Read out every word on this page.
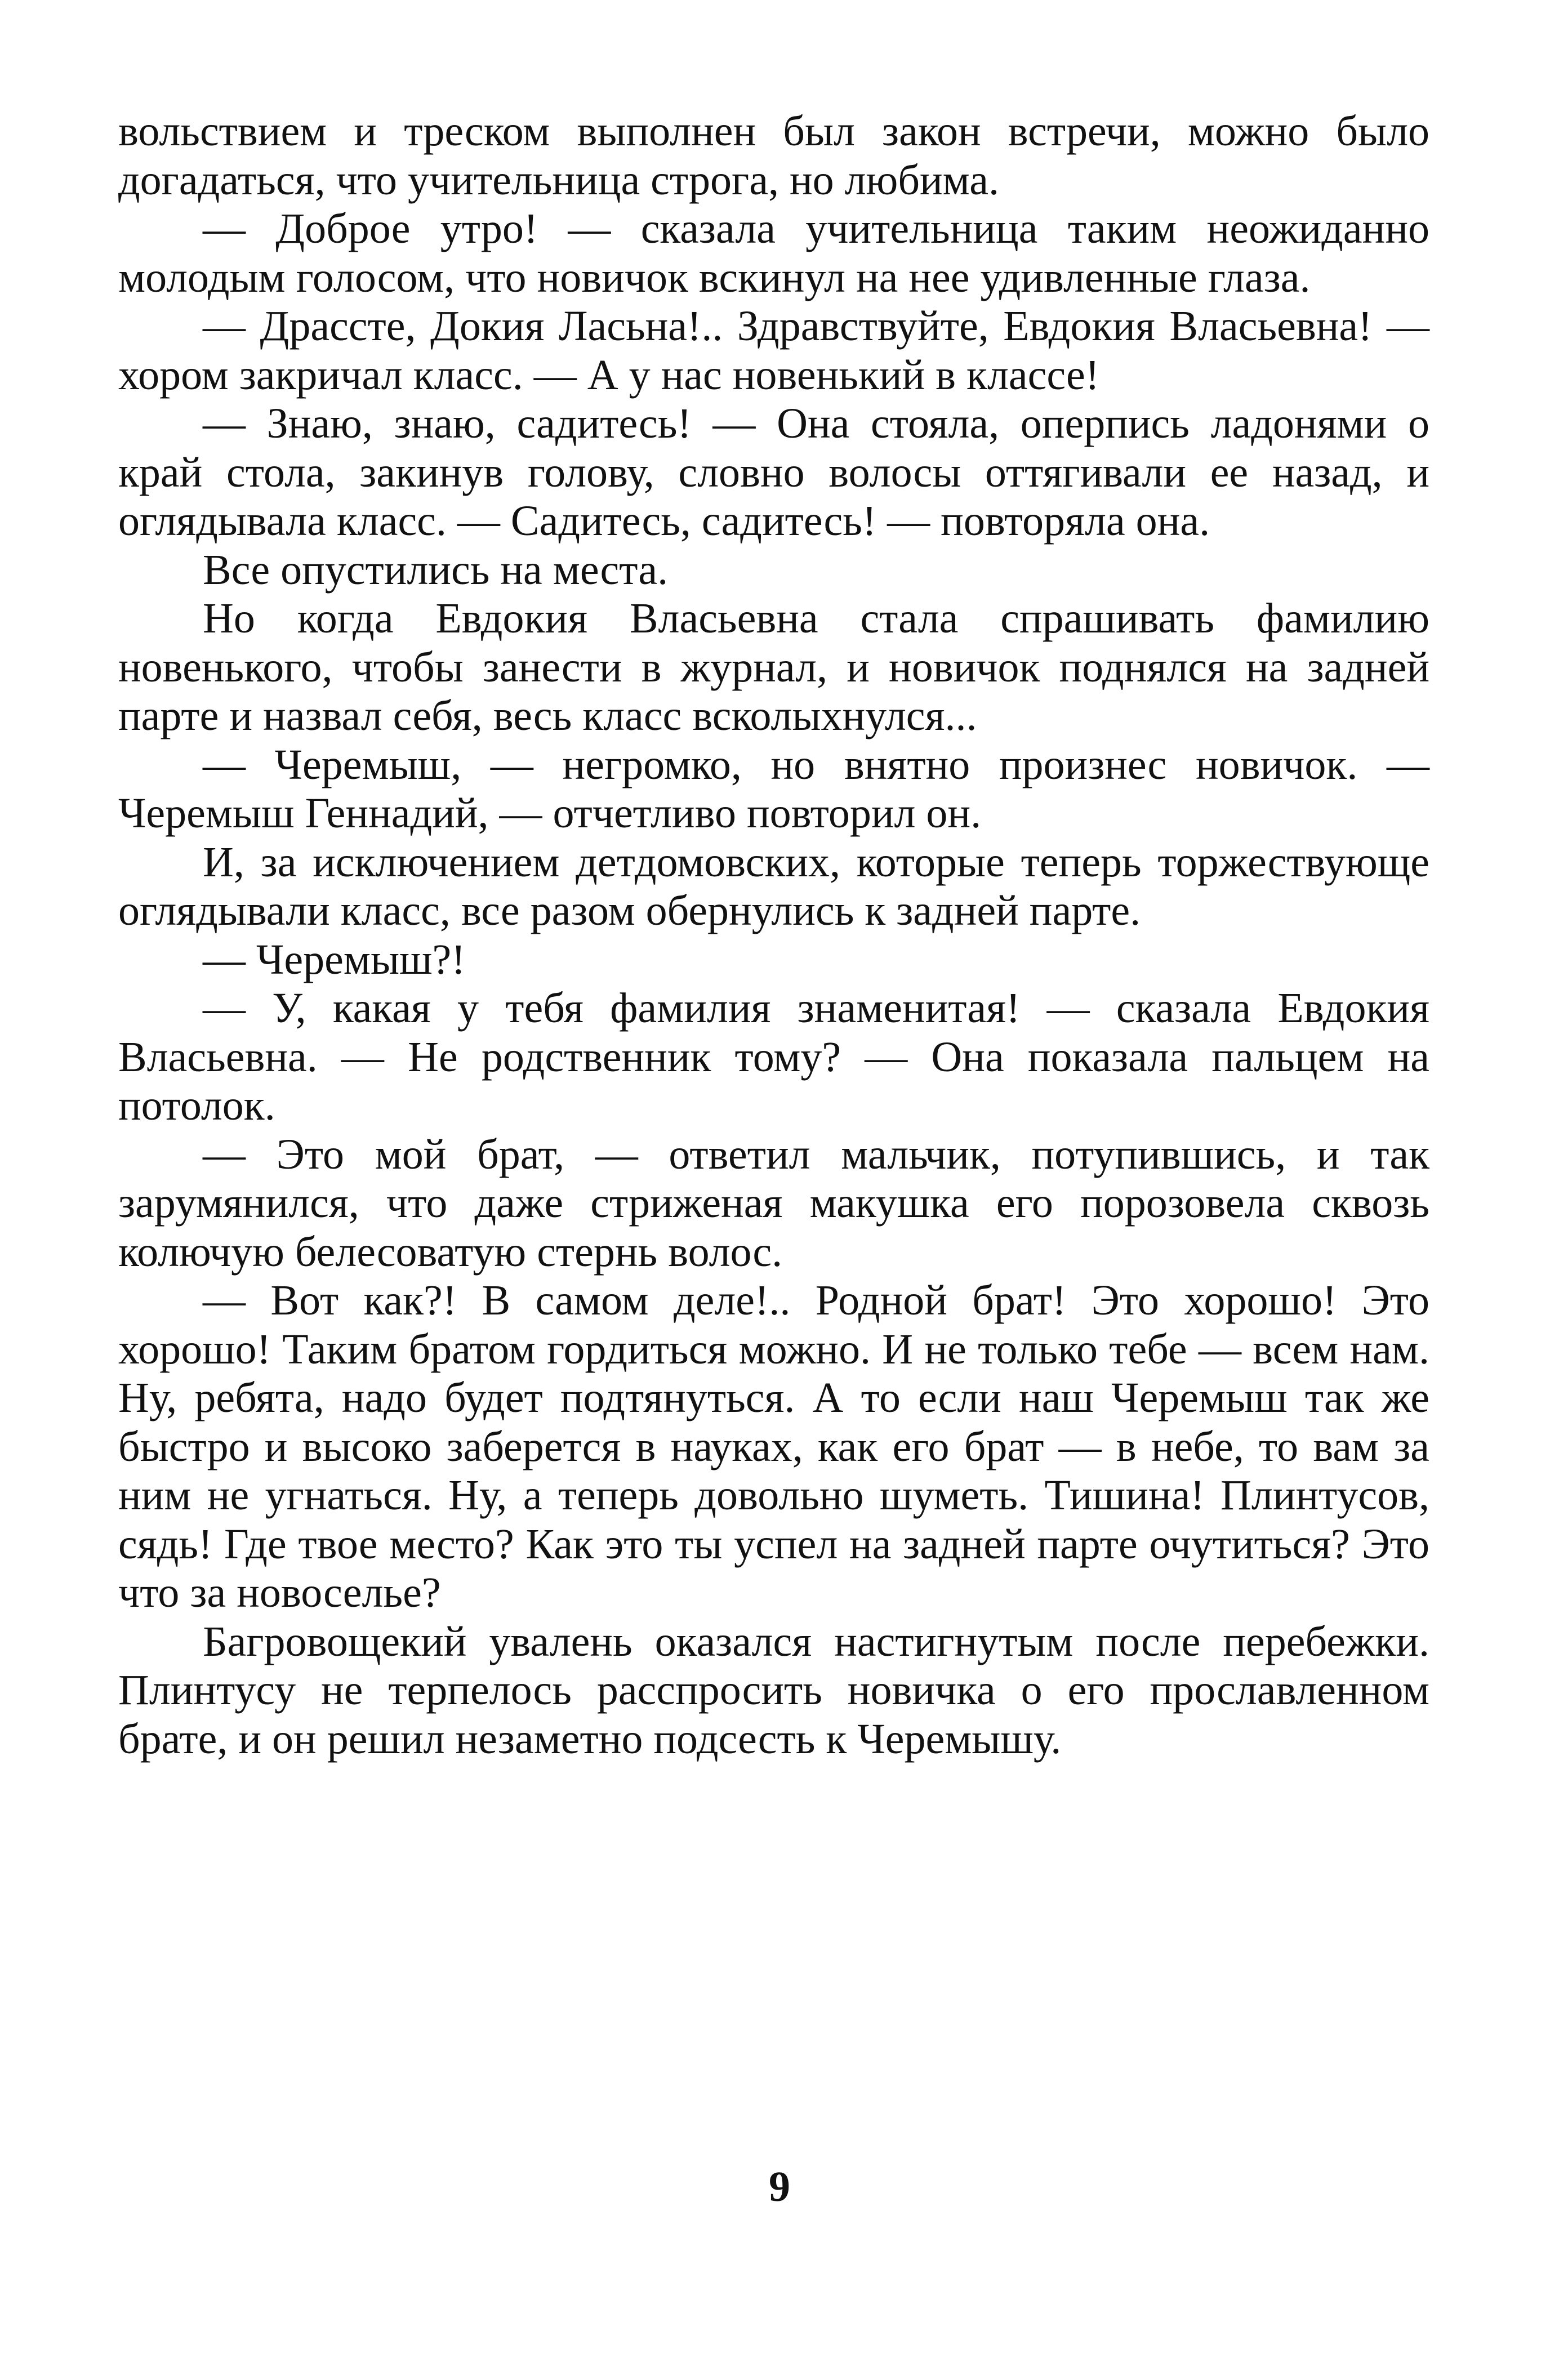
вольствием и треском выполнен был закон встречи, можно было догадаться, что учительница строга, но любима.

— Доброе утро! — сказала учительница таким неожиданно молодым голосом, что новичок вскинул на нее удивленные глаза.

— Драссте, Докия Ласьна!.. Здравствуйте, Евдокия Власьевна! — хором закричал класс. — А у нас новенький в классе!

— Знаю, знаю, садитесь! — Она стояла, оперпись ладонями о край стола, закинув голову, словно волосы оттягивали ее назад, и оглядывала класс. — Садитесь, садитесь! — повторяла она.

Все опустились на места.

Но когда Евдокия Власьевна стала спрашивать фамилию новенького, чтобы занести в журнал, и новичок поднялся на задней парте и назвал себя, весь класс всколыхнулся...

— Черемыш, — негромко, но внятно произнес новичок. — Черемыш Геннадий, — отчетливо повторил он.

И, за исключением детдомовских, которые теперь торжествующе оглядывали класс, все разом обернулись к задней парте.

— Черемыш?!

— У, какая у тебя фамилия знаменитая! — сказала Евдокия Власьевна. — Не родственник тому? — Она показала пальцем на потолок.

— Это мой брат, — ответил мальчик, потупившись, и так зарумянился, что даже стриженая макушка его порозовела сквозь колючую белесоватую стернь волос.

— Вот как?! В самом деле!.. Родной брат! Это хорошо! Это хорошо! Таким братом гордиться можно. И не только тебе — всем нам. Ну, ребята, надо будет подтянуться. А то если наш Черемыш так же быстро и высоко заберется в науках, как его брат — в небе, то вам за ним не угнаться. Ну, а теперь довольно шуметь. Тишина! Плинтусов, сядь! Где твое место? Как это ты успел на задней парте очутиться? Это что за новоселье?

Багровощекий увалень оказался настигнутым после перебежки. Плинтусу не терпелось расспросить новичка о его прославленном брате, и он решил незаметно подсесть к Черемышу.

9
